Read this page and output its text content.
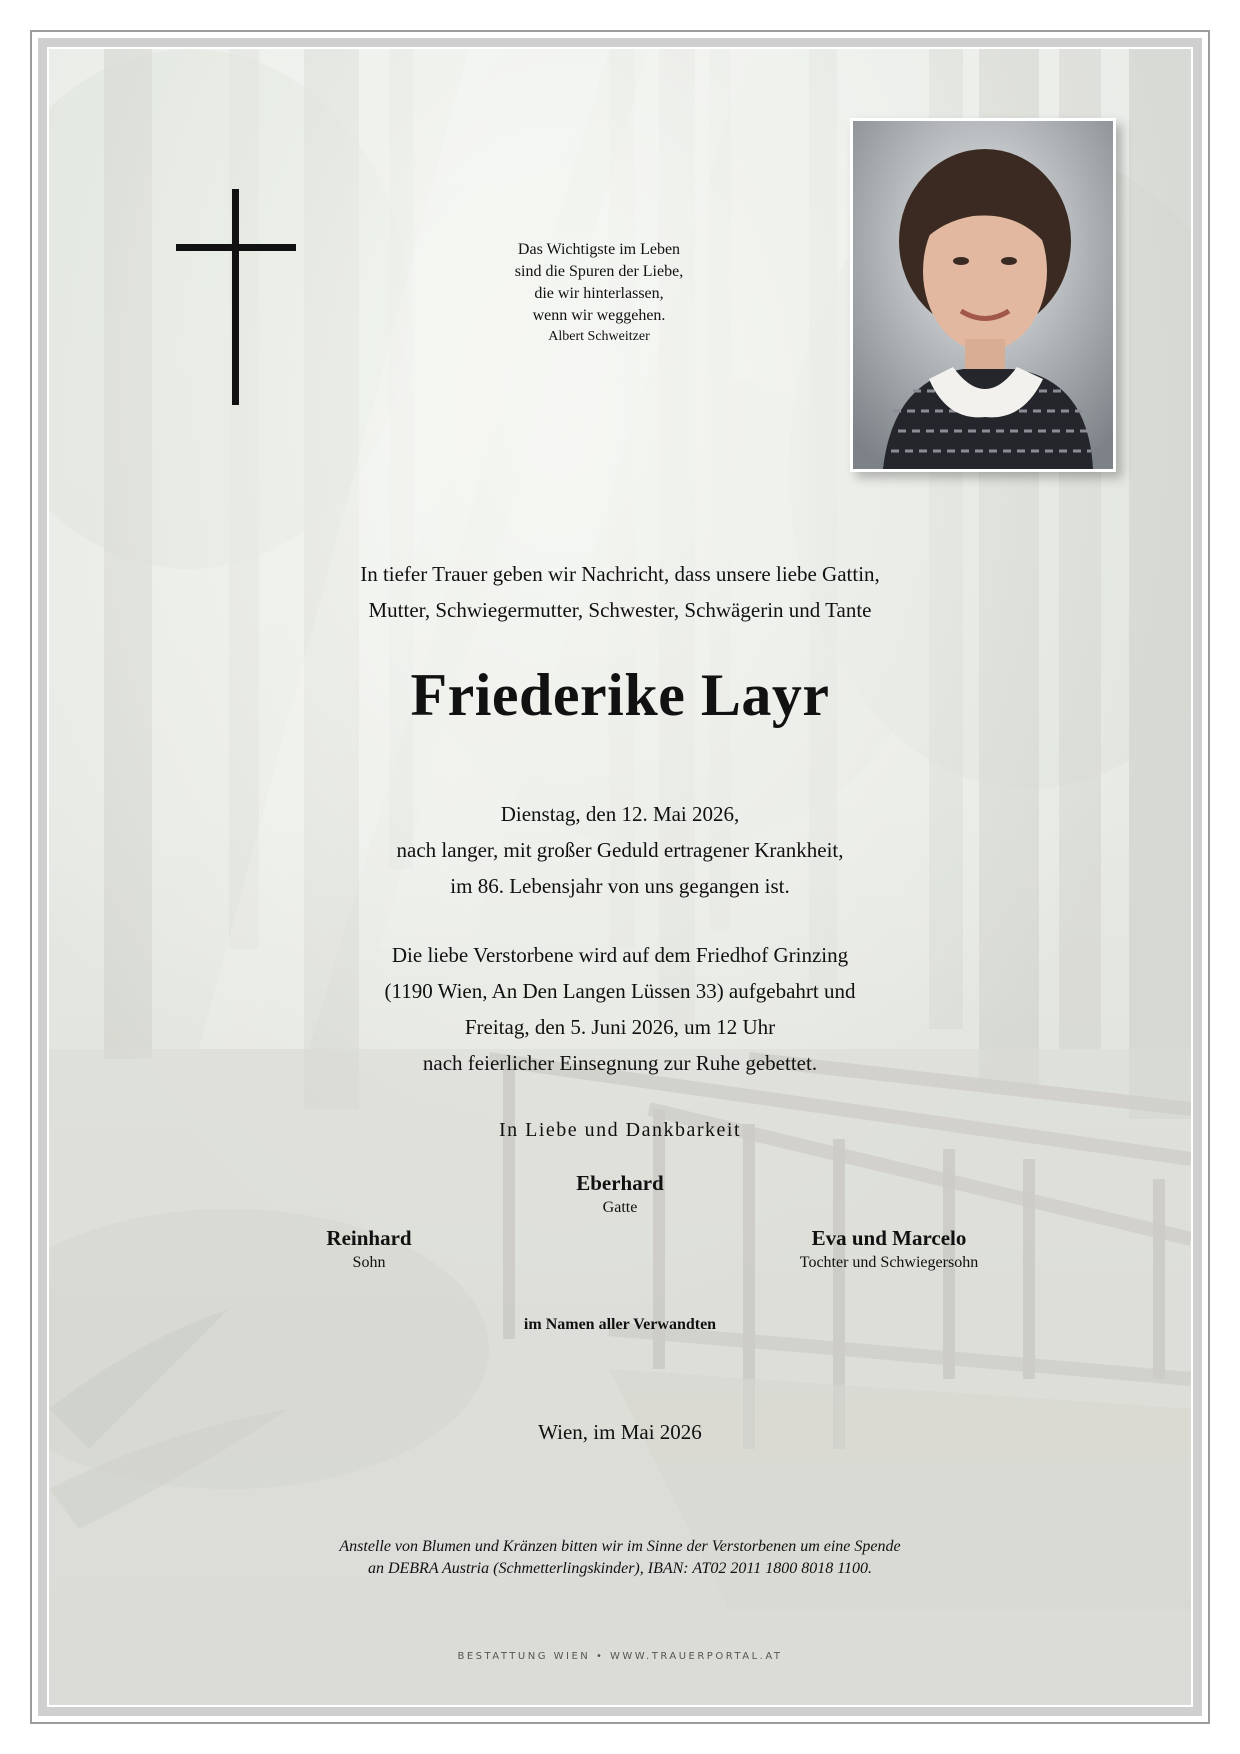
Das Wichtigste im Leben
sind die Spuren der Liebe,
die wir hinterlassen,
wenn wir weggehen.
Albert Schweitzer
In tiefer Trauer geben wir Nachricht, dass unsere liebe Gattin,
Mutter, Schwiegermutter, Schwester, Schwägerin und Tante
Friederike Layr
Dienstag, den 12. Mai 2026,
nach langer, mit großer Geduld ertragener Krankheit,
im 86. Lebensjahr von uns gegangen ist.
Die liebe Verstorbene wird auf dem Friedhof Grinzing
(1190 Wien, An Den Langen Lüssen 33) aufgebahrt und
Freitag, den 5. Juni 2026, um 12 Uhr
nach feierlicher Einsegnung zur Ruhe gebettet.
In Liebe und Dankbarkeit
Eberhard
Gatte
Reinhard
Sohn
Eva und Marcelo
Tochter und Schwiegersohn
im Namen aller Verwandten
Wien, im Mai 2026
Anstelle von Blumen und Kränzen bitten wir im Sinne der Verstorbenen um eine Spende
an DEBRA Austria (Schmetterlingskinder), IBAN: AT02 2011 1800 8018 1100.
BESTATTUNG WIEN • WWW.TRAUERPORTAL.AT
